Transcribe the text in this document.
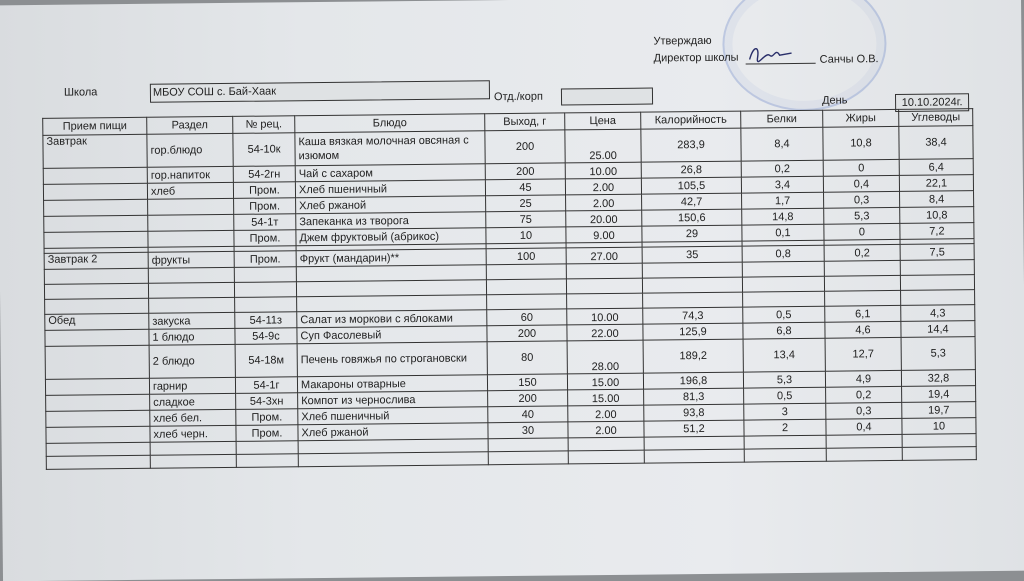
Утверждаю
Директор школы	Санчы О.В.
Школа	МБОУ СОШ с. Бай-Хаак	Отд./корп	День	10.10.2024г.
Прием пищи	Раздел	№ рец.	Блюдо	Выход, г	Цена	Калорийность	Белки	Жиры	Углеводы
Завтрак	гор.блюдо	54-10к	Каша вязкая молочная овсяная с изюмом	200	25.00	283,9	8,4	10,8	38,4
	гор.напиток	54-2гн	Чай с сахаром	200	10.00	26,8	0,2	0	6,4
	хлеб	Пром.	Хлеб пшеничный	45	2.00	105,5	3,4	0,4	22,1
		Пром.	Хлеб ржаной	25	2.00	42,7	1,7	0,3	8,4
		54-1т	Запеканка из творога	75	20.00	150,6	14,8	5,3	10,8
		Пром.	Джем фруктовый (абрикос)	10	9.00	29	0,1	0	7,2

Завтрак 2	фрукты	Пром.	Фрукт (мандарин)**	100	27.00	35	0,8	0,2	7,5

Обед	закуска	54-11з	Салат из моркови с яблоками	60	10.00	74,3	0,5	6,1	4,3
	1 блюдо	54-9с	Суп Фасолевый	200	22.00	125,9	6,8	4,6	14,4
	2 блюдо	54-18м	Печень говяжья по строгановски	80	28.00	189,2	13,4	12,7	5,3
	гарнир	54-1г	Макароны отварные	150	15.00	196,8	5,3	4,9	32,8
	сладкое	54-3хн	Компот из чернослива	200	15.00	81,3	0,5	0,2	19,4
	хлеб бел.	Пром.	Хлеб пшеничный	40	2.00	93,8	3	0,3	19,7
	хлеб черн.	Пром.	Хлеб ржаной	30	2.00	51,2	2	0,4	10
